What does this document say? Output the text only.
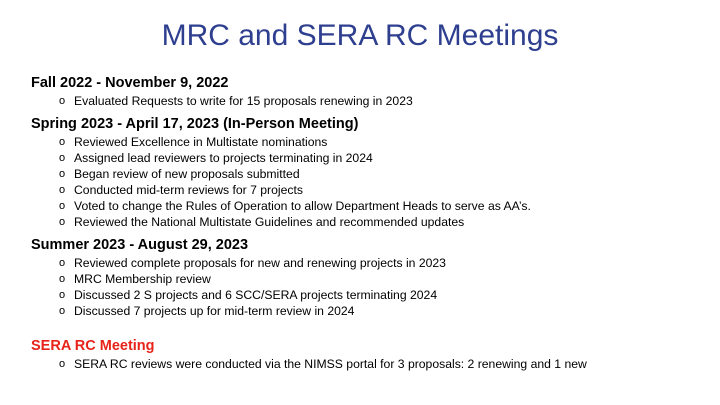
MRC and SERA RC Meetings
Fall 2022 - November 9, 2022
o Evaluated Requests to write for 15 proposals renewing in 2023
Spring 2023 - April 17, 2023 (In-Person Meeting)
o Reviewed Excellence in Multistate nominations
o Assigned lead reviewers to projects terminating in 2024
o Began review of new proposals submitted
o Conducted mid-term reviews for 7 projects
o Voted to change the Rules of Operation to allow Department Heads to serve as AA’s.
o Reviewed the National Multistate Guidelines and recommended updates
Summer 2023 - August 29, 2023
o Reviewed complete proposals for new and renewing projects in 2023
o MRC Membership review
o Discussed 2 S projects and 6 SCC/SERA projects terminating 2024
o Discussed 7 projects up for mid-term review in 2024
SERA RC Meeting
o SERA RC reviews were conducted via the NIMSS portal for 3 proposals: 2 renewing and 1 new
